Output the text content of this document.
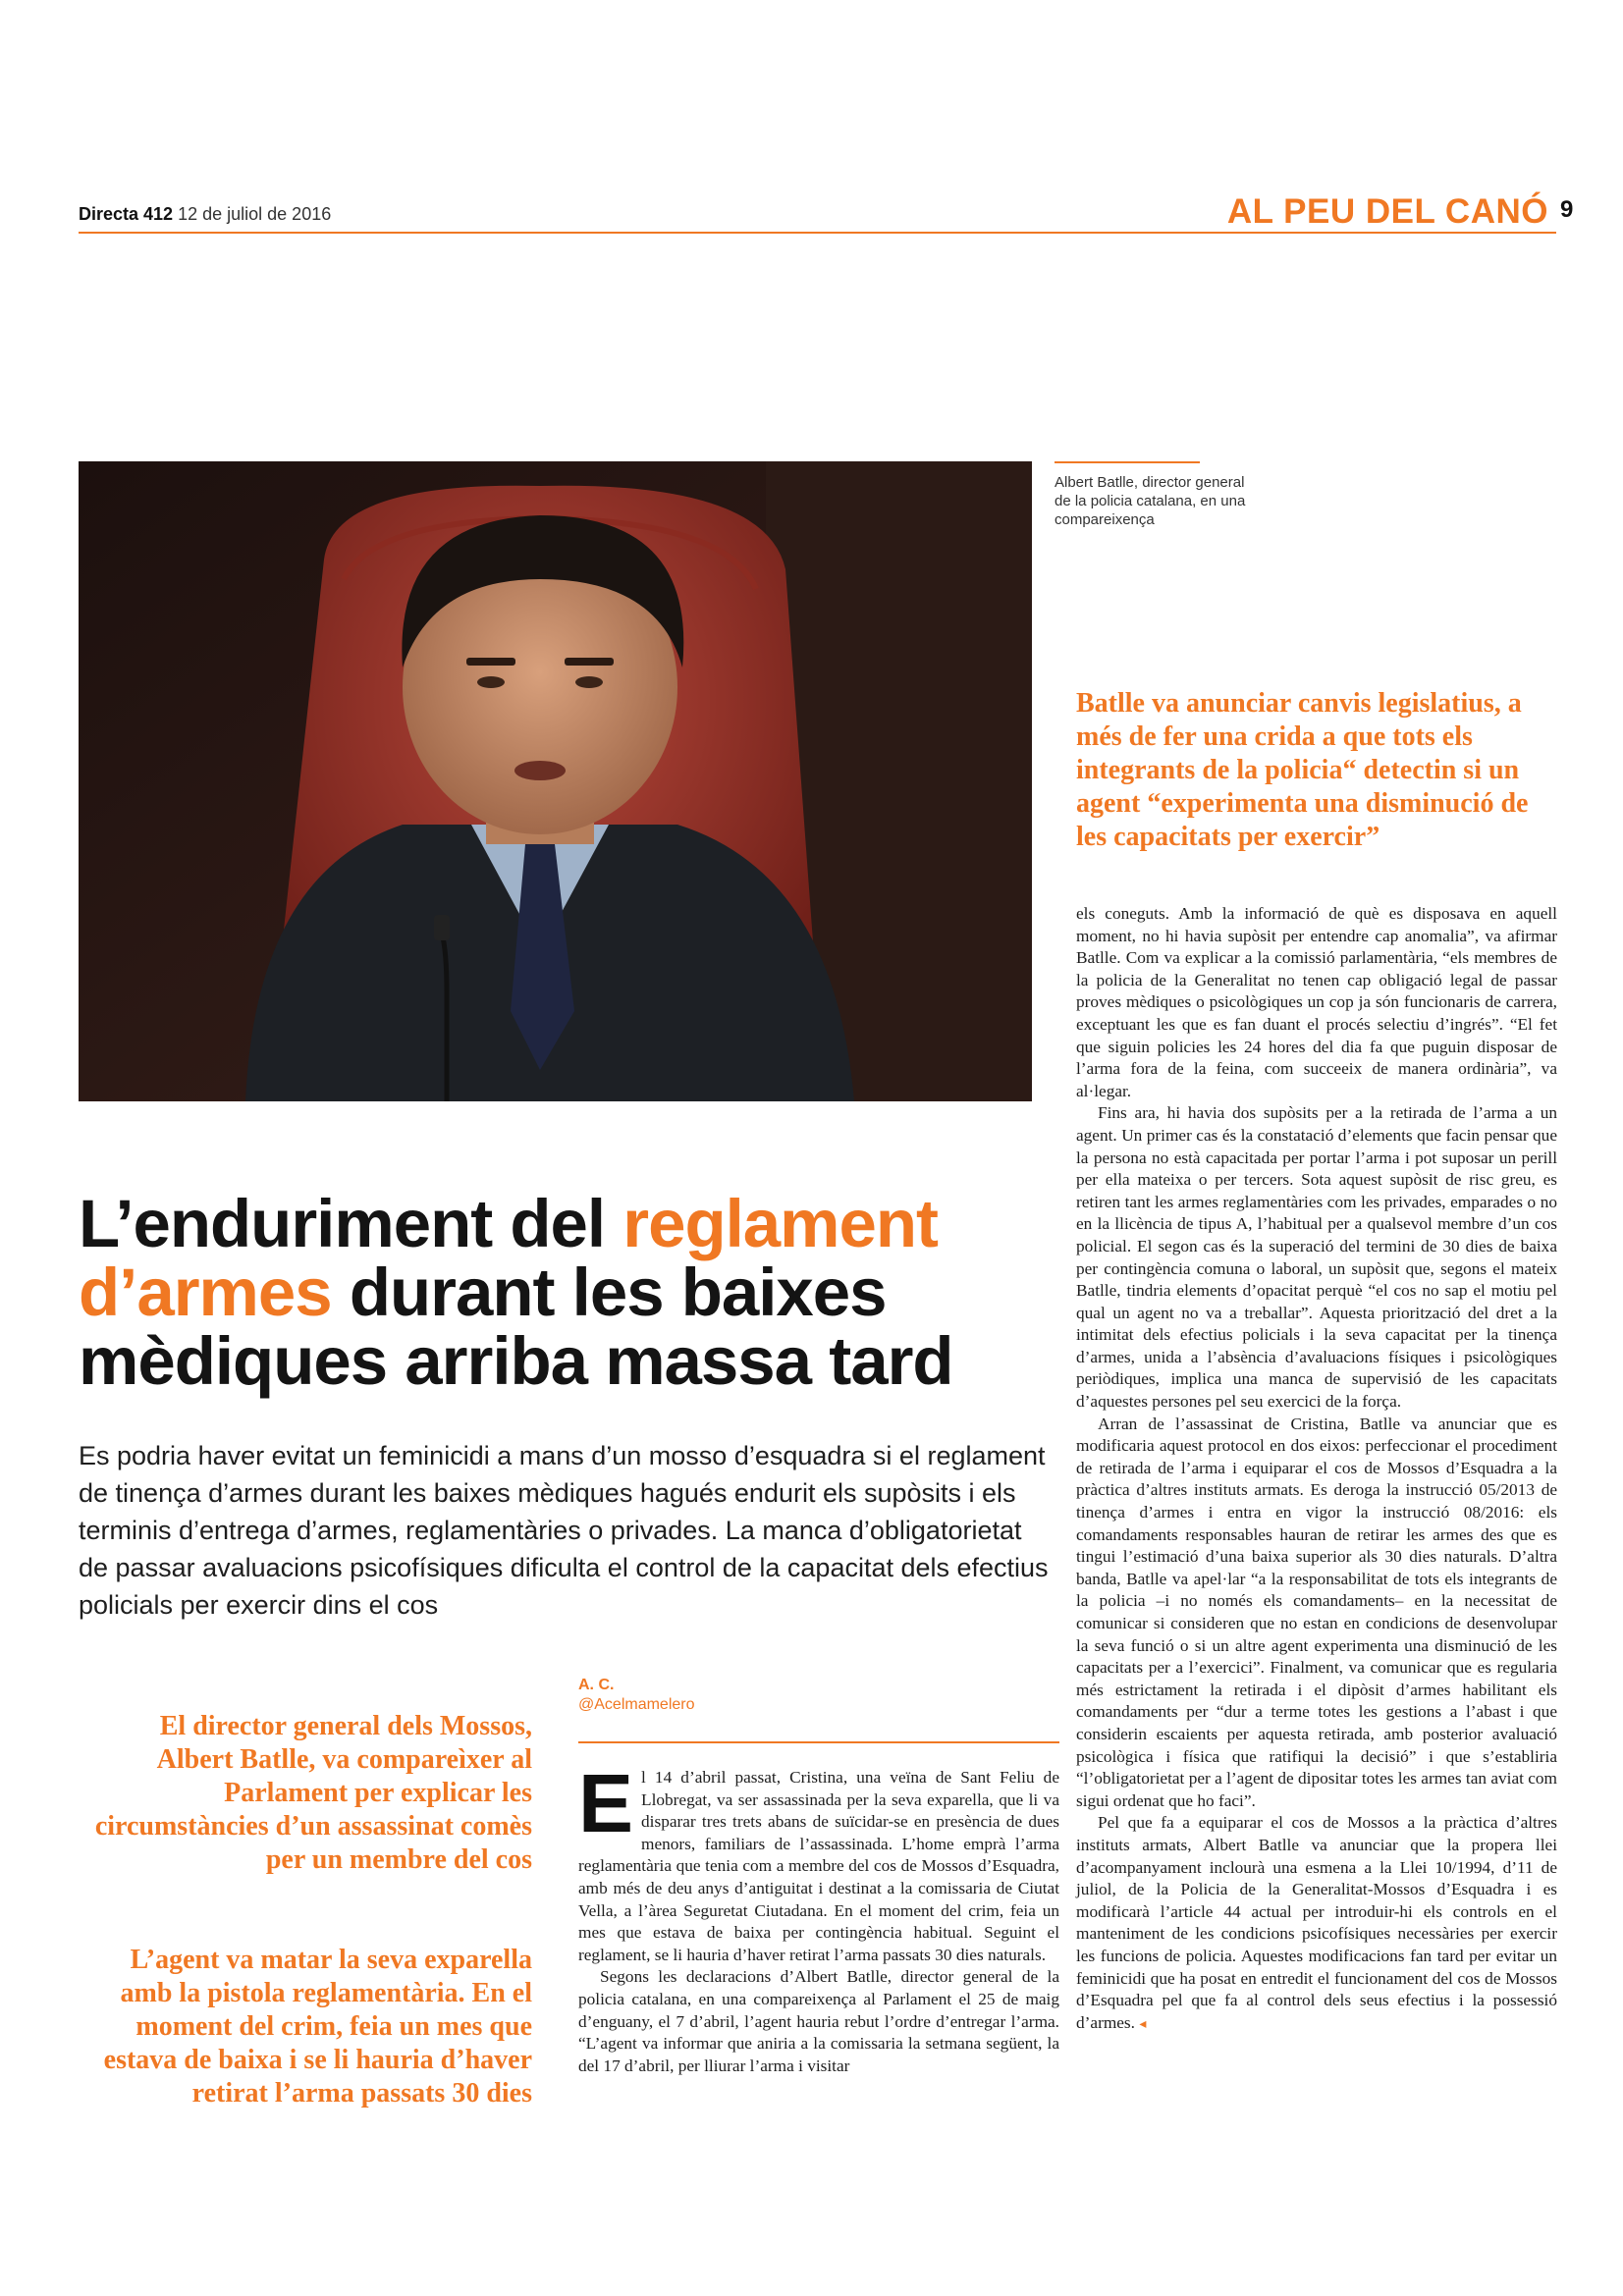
Directa 412 12 de juliol de 2016	AL PEU DEL CANÓ 9
Albert Batlle, director general de la policia catalana, en una compareixença
Batlle va anunciar canvis legislatius, a més de fer una crida a que tots els integrants de la policia“ detectin si un agent “experimenta una disminució de les capacitats per exercir”
L’enduriment del reglament d’armes durant les baixes mèdiques arriba massa tard
Es podria haver evitat un feminicidi a mans d’un mosso d’esquadra si el reglament de tinença d’armes durant les baixes mèdiques hagués endurit els supòsits i els terminis d’entrega d’armes, reglamentàries o privades. La manca d’obligatorietat de passar avaluacions psicofísiques dificulta el control de la capacitat dels efectius policials per exercir dins el cos
A. C.
@Acelmamelero
El director general dels Mossos, Albert Batlle, va compareìxer al Parlament per explicar les circumstàncies d’un assassinat comès per un membre del cos
L’agent va matar la seva exparella amb la pistola reglamentària. En el moment del crim, feia un mes que estava de baixa i se li hauria d’haver retirat l’arma passats 30 dies

El 14 d’abril passat, Cristina, una veïna de Sant Feliu de Llobregat, va ser assassinada per la seva exparella, que li va disparar tres trets abans de suïcidar-se en presència de dues menors, familiars de l’assassinada. L’home emprà l’arma reglamentària que tenia com a membre del cos de Mossos d’Esquadra, amb més de deu anys d’antiguitat i destinat a la comissaria de Ciutat Vella, a l’àrea Seguretat Ciutadana. En el moment del crim, feia un mes que estava de baixa per contingència habitual. Seguint el reglament, se li hauria d’haver retirat l’arma passats 30 dies naturals.

Segons les declaracions d’Albert Batlle, director general de la policia catalana, en una compareixença al Parlament el 25 de maig d’enguany, el 7 d’abril, l’agent hauria rebut l’ordre d’entregar l’arma. “L’agent va informar que aniria a la comissaria la setmana següent, la del 17 d’abril, per lliurar l’arma i visitar

els coneguts. Amb la informació de què es disposava en aquell moment, no hi havia supòsit per entendre cap anomalia”, va afirmar Batlle. Com va explicar a la comissió parlamentària, “els membres de la policia de la Generalitat no tenen cap obligació legal de passar proves mèdiques o psicològiques un cop ja són funcionaris de carrera, exceptuant les que es fan duant el procés selectiu d’ingrés”. “El fet que siguin policies les 24 hores del dia fa que puguin disposar de l’arma fora de la feina, com succeeix de manera ordinària”, va al·legar.

Fins ara, hi havia dos supòsits per a la retirada de l’arma a un agent. Un primer cas és la constatació d’elements que facin pensar que la persona no està capacitada per portar l’arma i pot suposar un perill per ella mateixa o per tercers. Sota aquest supòsit de risc greu, es retiren tant les armes reglamentàries com les privades, emparades o no en la llicència de tipus A, l’habitual per a qualsevol membre d’un cos policial. El segon cas és la superació del termini de 30 dies de baixa per contingència comuna o laboral, un supòsit que, segons el mateix Batlle, tindria elements d’opacitat perquè “el cos no sap el motiu pel qual un agent no va a treballar”. Aquesta priorització del dret a la intimitat dels efectius policials i la seva capacitat per la tinença d’armes, unida a l’absència d’avaluacions físiques i psicològiques periòdiques, implica una manca de supervisió de les capacitats d’aquestes persones pel seu exercici de la força.

Arran de l’assassinat de Cristina, Batlle va anunciar que es modificaria aquest protocol en dos eixos: perfeccionar el procediment de retirada de l’arma i equiparar el cos de Mossos d’Esquadra a la pràctica d’altres instituts armats. Es deroga la instrucció 05/2013 de tinença d’armes i entra en vigor la instrucció 08/2016: els comandaments responsables hauran de retirar les armes des que es tingui l’estimació d’una baixa superior als 30 dies naturals. D’altra banda, Batlle va apel·lar “a la responsabilitat de tots els integrants de la policia –i no només els comandaments– en la necessitat de comunicar si consideren que no estan en condicions de desenvolupar la seva funció o si un altre agent experimenta una disminució de les capacitats per a l’exercici”. Finalment, va comunicar que es regularia més estrictament la retirada i el dipòsit d’armes habilitant els comandaments per “dur a terme totes les gestions a l’abast i que considerin escaients per aquesta retirada, amb posterior avaluació psicològica i física que ratifiqui la decisió” i que s’establiria “l’obligatorietat per a l’agent de dipositar totes les armes tan aviat com sigui ordenat que ho faci”.

Pel que fa a equiparar el cos de Mossos a la pràctica d’altres instituts armats, Albert Batlle va anunciar que la propera llei d’acompanyament inclourà una esmena a la Llei 10/1994, d’11 de juliol, de la Policia de la Generalitat-Mossos d’Esquadra i es modificarà l’article 44 actual per introduir-hi els controls en el manteniment de les condicions psicofísiques necessàries per exercir les funcions de policia. Aquestes modificacions fan tard per evitar un feminicidi que ha posat en entredit el funcionament del cos de Mossos d’Esquadra pel que fa al control dels seus efectius i la possessió d’armes. ◂
